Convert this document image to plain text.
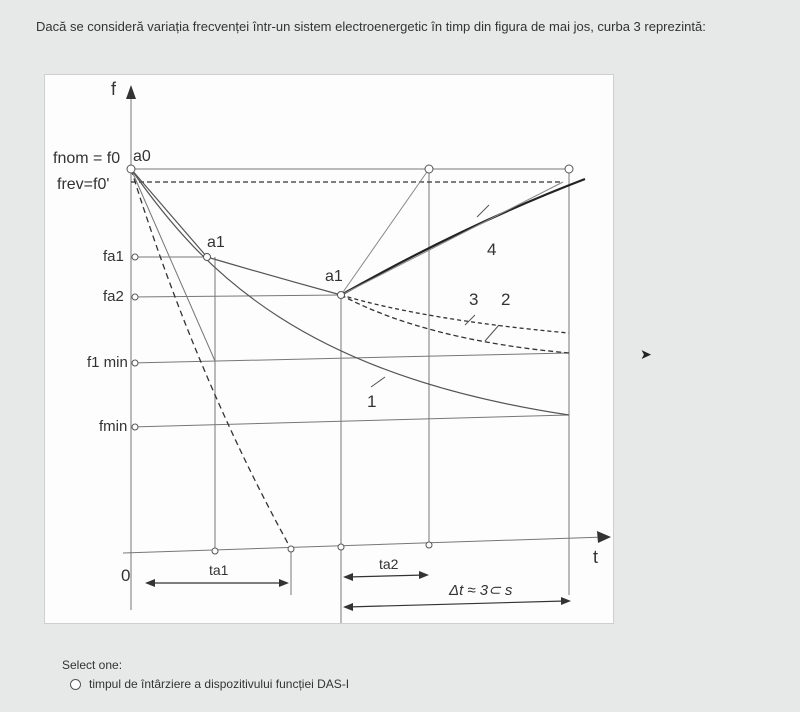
Dacă se consideră variația frecvenței într-un sistem electroenergetic în timp din figura de mai jos, curba 3 reprezintă:
f
t
0
fnom = f0
frev=f0'
a0
fa1
fa2
f1 min
fmin
a1
a1
1
2
3
4
ta1	ta2
Δt ≈ 3⊂ s
➤
Select one:
timpul de întârziere a dispozitivului funcției DAS-I
